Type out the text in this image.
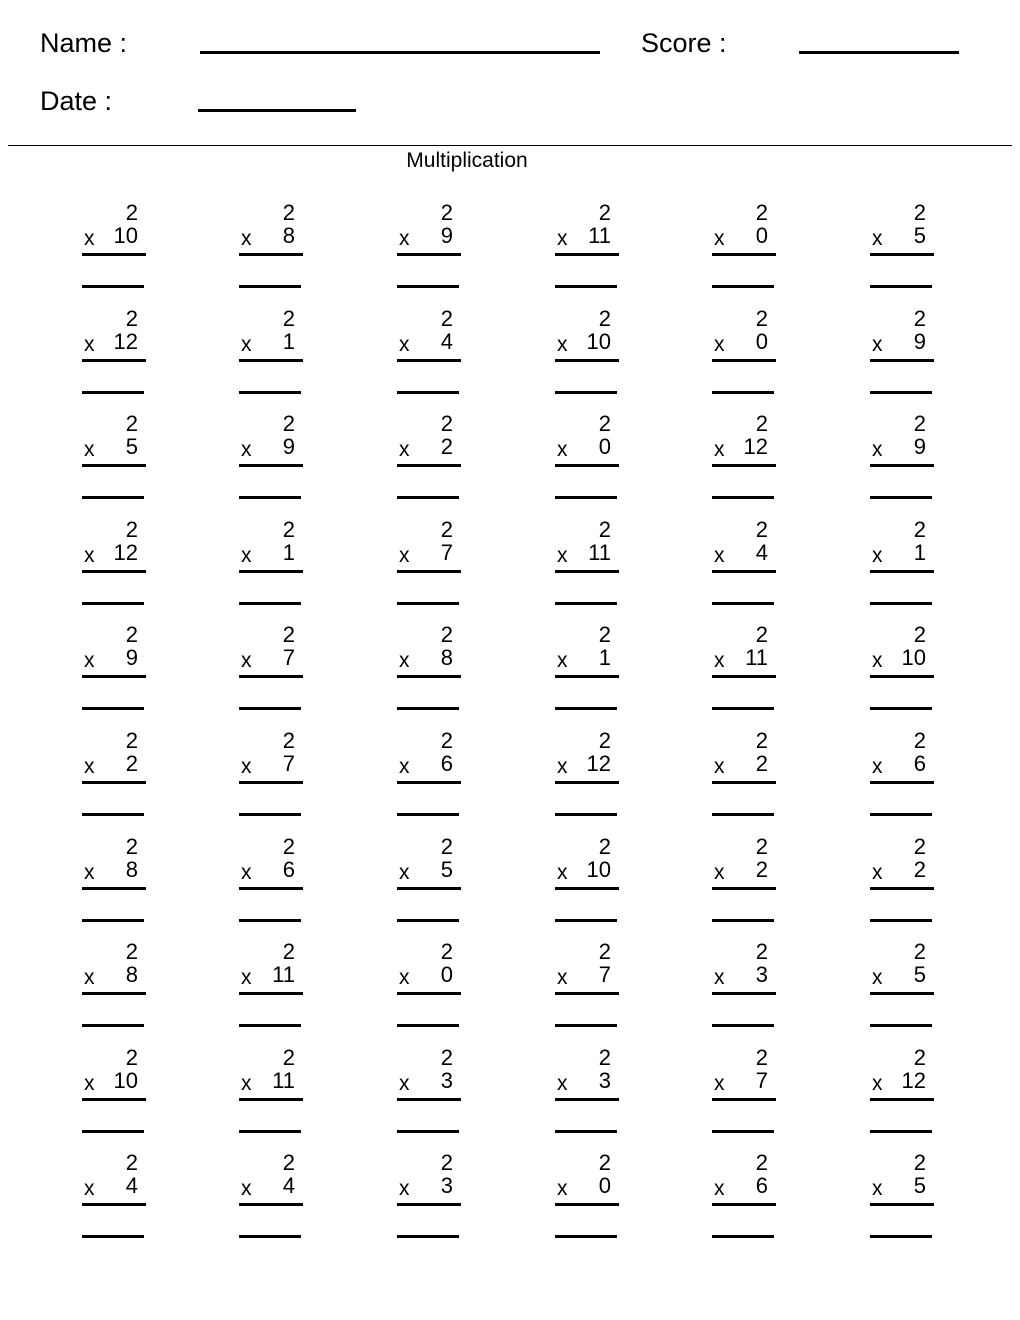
Name :	Score :
Date :
Multiplication
2
x 10
2
x 8
2
x 9
2
x 11
2
x 0
2
x 5
2
x 12
2
x 1
2
x 4
2
x 10
2
x 0
2
x 9
2
x 5
2
x 9
2
x 2
2
x 0
2
x 12
2
x 9
2
x 12
2
x 1
2
x 7
2
x 11
2
x 4
2
x 1
2
x 9
2
x 7
2
x 8
2
x 1
2
x 11
2
x 10
2
x 2
2
x 7
2
x 6
2
x 12
2
x 2
2
x 6
2
x 8
2
x 6
2
x 5
2
x 10
2
x 2
2
x 2
2
x 8
2
x 11
2
x 0
2
x 7
2
x 3
2
x 5
2
x 10
2
x 11
2
x 3
2
x 3
2
x 7
2
x 12
2
x 4
2
x 4
2
x 3
2
x 0
2
x 6
2
x 5
